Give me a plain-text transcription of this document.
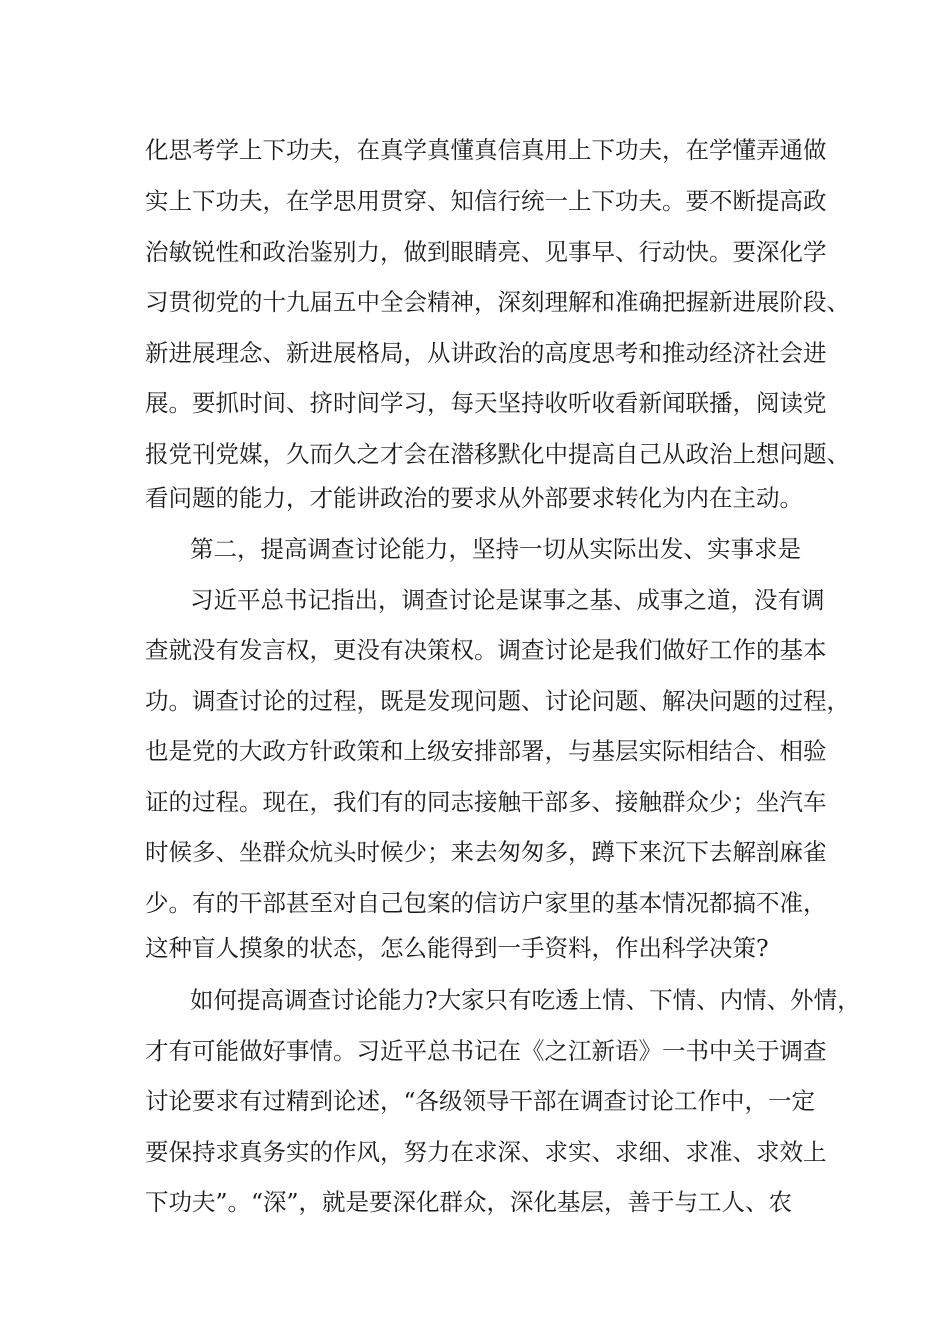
化思考学上下功夫，在真学真懂真信真用上下功夫，在学懂弄通做
实上下功夫，在学思用贯穿、知信行统一上下功夫。要不断提高政
治敏锐性和政治鉴别力，做到眼睛亮、见事早、行动快。要深化学
习贯彻党的十九届五中全会精神，深刻理解和准确把握新进展阶段、
新进展理念、新进展格局，从讲政治的高度思考和推动经济社会进
展。要抓时间、挤时间学习，每天坚持收听收看新闻联播，阅读党
报党刊党媒，久而久之才会在潜移默化中提高自己从政治上想问题、
看问题的能力，才能讲政治的要求从外部要求转化为内在主动。
第二，提高调查讨论能力，坚持一切从实际出发、实事求是
习近平总书记指出，调查讨论是谋事之基、成事之道，没有调
查就没有发言权，更没有决策权。调查讨论是我们做好工作的基本
功。调查讨论的过程，既是发现问题、讨论问题、解决问题的过程，
也是党的大政方针政策和上级安排部署，与基层实际相结合、相验
证的过程。现在，我们有的同志接触干部多、接触群众少；坐汽车
时候多、坐群众炕头时候少；来去匆匆多，蹲下来沉下去解剖麻雀
少。有的干部甚至对自己包案的信访户家里的基本情况都搞不准，
这种盲人摸象的状态，怎么能得到一手资料，作出科学决策?
如何提高调查讨论能力?大家只有吃透上情、下情、内情、外情，
才有可能做好事情。习近平总书记在《之江新语》一书中关于调查
讨论要求有过精到论述，“各级领导干部在调查讨论工作中，一定
要保持求真务实的作风，努力在求深、求实、求细、求准、求效上
下功夫”。“深”，就是要深化群众，深化基层，善于与工人、农
